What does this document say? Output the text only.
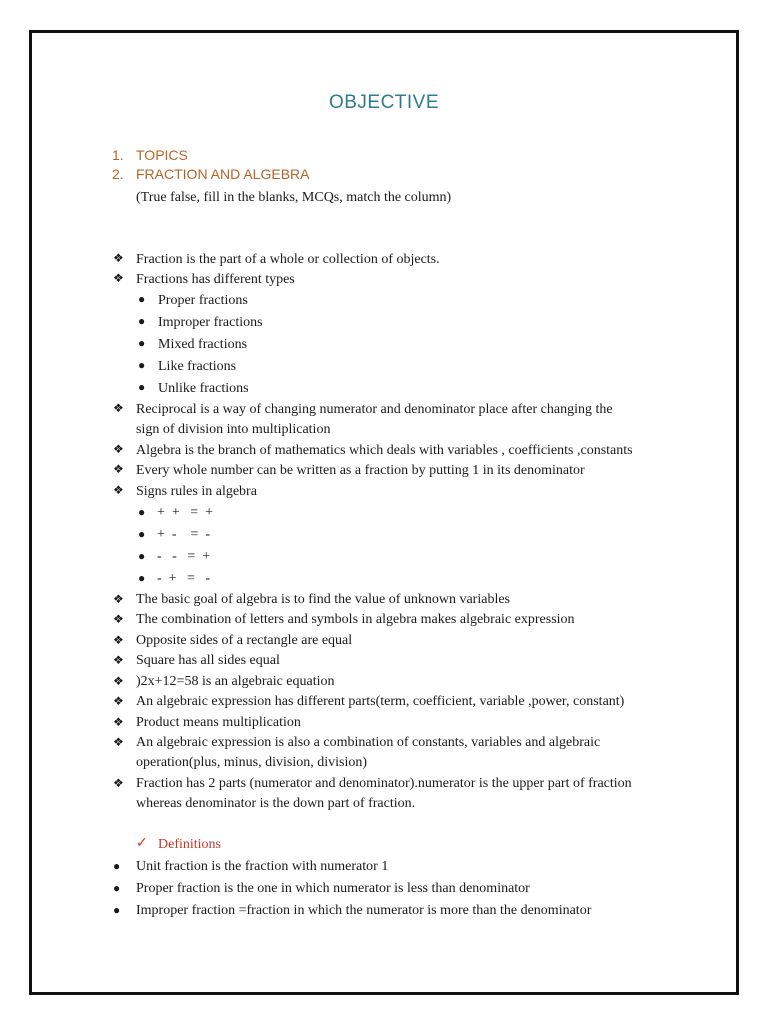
OBJECTIVE
1. TOPICS
2. FRACTION AND ALGEBRA
(True false, fill in the blanks, MCQs, match the column)
❖ Fraction is the part of a whole or collection of objects.
❖ Fractions has different types
● Proper fractions
● Improper fractions
● Mixed fractions
● Like fractions
● Unlike fractions
❖ Reciprocal is a way of changing numerator and denominator place after changing the
sign of division into multiplication
❖ Algebra is the branch of mathematics which deals with variables , coefficients ,constants
❖ Every whole number can be written as a fraction by putting 1 in its denominator
❖ Signs rules in algebra
● +  +   =  +
● +  -    =  -
● -   -   =  +
● -  +   =   -
❖ The basic goal of algebra is to find the value of unknown variables
❖ The combination of letters and symbols in algebra makes algebraic expression
❖ Opposite sides of a rectangle are equal
❖ Square has all sides equal
❖ )2x+12=58 is an algebraic equation
❖ An algebraic expression has different parts(term, coefficient, variable ,power, constant)
❖ Product means multiplication
❖ An algebraic expression is also a combination of constants, variables and algebraic
operation(plus, minus, division, division)
❖ Fraction has 2 parts (numerator and denominator).numerator is the upper part of fraction
whereas denominator is the down part of fraction.
✓ Definitions
● Unit fraction is the fraction with numerator 1
● Proper fraction is the one in which numerator is less than denominator
● Improper fraction =fraction in which the numerator is more than the denominator
